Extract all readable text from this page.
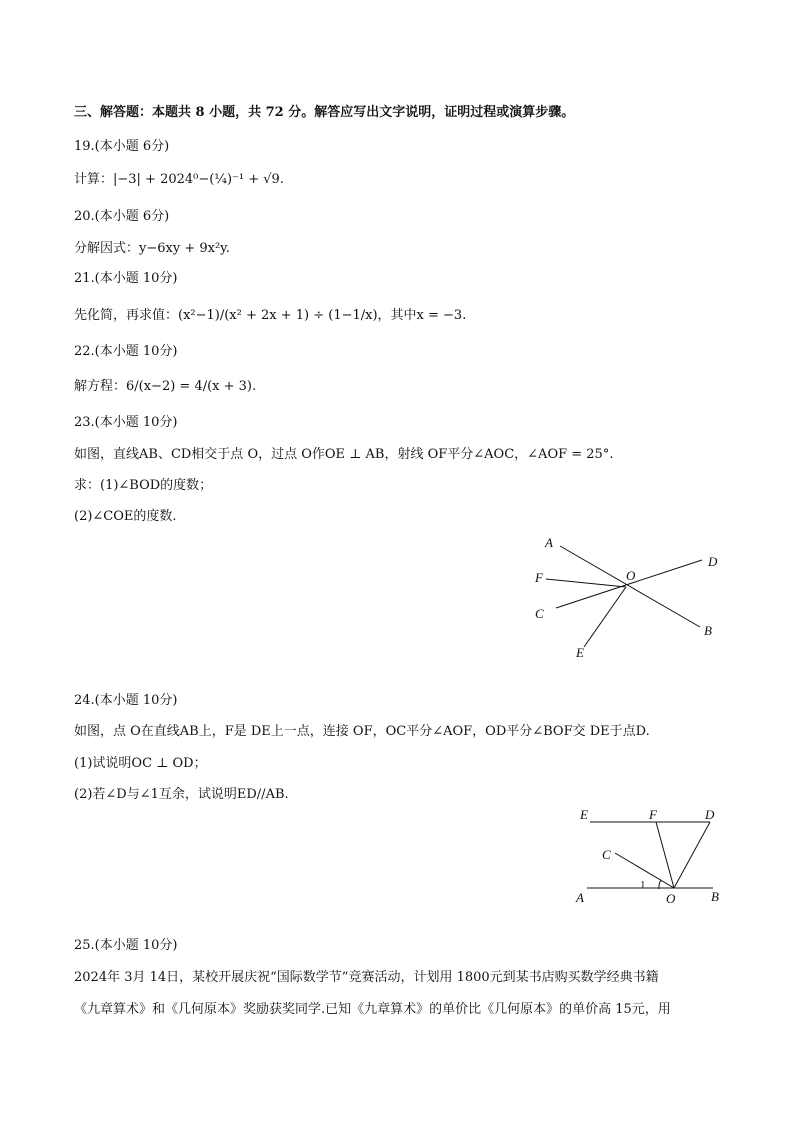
三、解答题：本题共 8 小题，共 72 分。解答应写出文字说明，证明过程或演算步骤。
19.(本小题 6分)
计算：|−3| + 2024⁰−(¼)⁻¹ + √9.
20.(本小题 6分)
分解因式：y−6xy + 9x²y.
21.(本小题 10分)
先化简，再求值：(x²−1)/(x² + 2x + 1) ÷ (1−1/x)，其中x = −3.
22.(本小题 10分)
解方程：6/(x−2) = 4/(x + 3).
23.(本小题 10分)
如图，直线AB、CD相交于点 O，过点 O作OE ⊥ AB，射线 OF平分∠AOC，∠AOF = 25°.
求：(1)∠BOD的度数；
(2)∠COE的度数.
A
D
F	O
C
B
E
24.(本小题 10分)
如图，点 O在直线AB上，F是 DE上一点，连接 OF，OC平分∠AOF，OD平分∠BOF交 DE于点D.
(1)试说明OC ⊥ OD；
(2)若∠D与∠1互余，试说明ED//AB.
E	F	D
C
1
A	O	B
25.(本小题 10分)
2024年 3月 14日，某校开展庆祝“国际数学节”竞赛活动，计划用 1800元到某书店购买数学经典书籍
《九章算术》和《几何原本》奖励获奖同学.已知《九章算术》的单价比《几何原本》的单价高 15元，用
